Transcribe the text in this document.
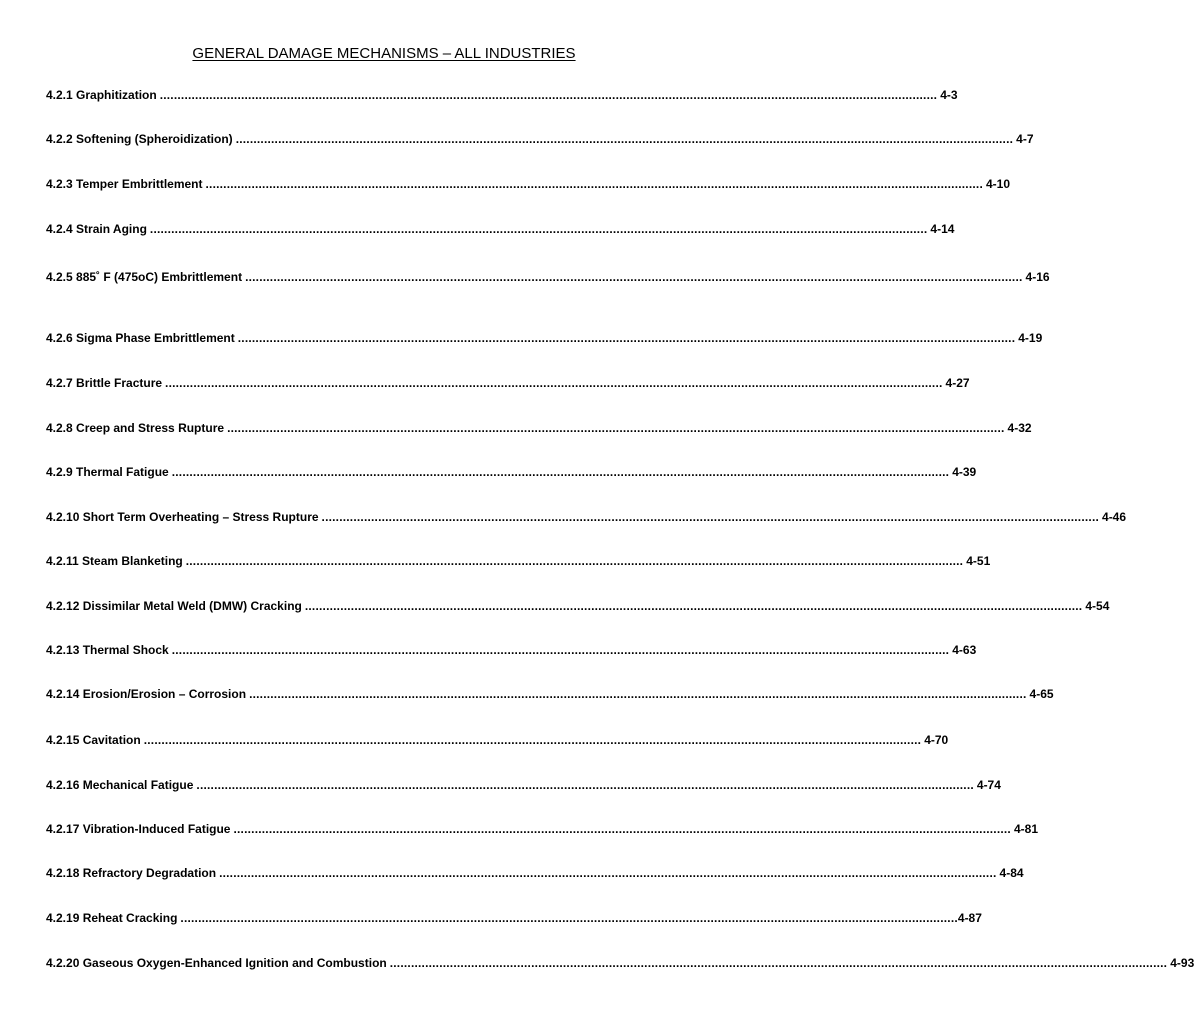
GENERAL DAMAGE MECHANISMS – ALL INDUSTRIES
4.2.1 Graphitization ............................................................................................................................................................................................................................ 4-3
4.2.2 Softening (Spheroidization) ............................................................................................................................................................................................................................ 4-7
4.2.3 Temper Embrittlement ............................................................................................................................................................................................................................ 4-10
4.2.4 Strain Aging ............................................................................................................................................................................................................................ 4-14
4.2.5 885˚ F (475oC) Embrittlement ............................................................................................................................................................................................................................ 4-16
4.2.6 Sigma Phase Embrittlement ............................................................................................................................................................................................................................ 4-19
4.2.7 Brittle Fracture ............................................................................................................................................................................................................................ 4-27
4.2.8 Creep and Stress Rupture ............................................................................................................................................................................................................................ 4-32
4.2.9 Thermal Fatigue ............................................................................................................................................................................................................................ 4-39
4.2.10 Short Term Overheating – Stress Rupture ............................................................................................................................................................................................................................ 4-46
4.2.11 Steam Blanketing ............................................................................................................................................................................................................................ 4-51
4.2.12 Dissimilar Metal Weld (DMW) Cracking ............................................................................................................................................................................................................................ 4-54
4.2.13 Thermal Shock ............................................................................................................................................................................................................................ 4-63
4.2.14 Erosion/Erosion – Corrosion ............................................................................................................................................................................................................................ 4-65
4.2.15 Cavitation ............................................................................................................................................................................................................................ 4-70
4.2.16 Mechanical Fatigue ............................................................................................................................................................................................................................ 4-74
4.2.17 Vibration-Induced Fatigue ............................................................................................................................................................................................................................ 4-81
4.2.18 Refractory Degradation ............................................................................................................................................................................................................................ 4-84
4.2.19 Reheat Cracking ............................................................................................................................................................................................................................ 4-87
4.2.20 Gaseous Oxygen-Enhanced Ignition and Combustion ............................................................................................................................................................................................................................ 4-93
